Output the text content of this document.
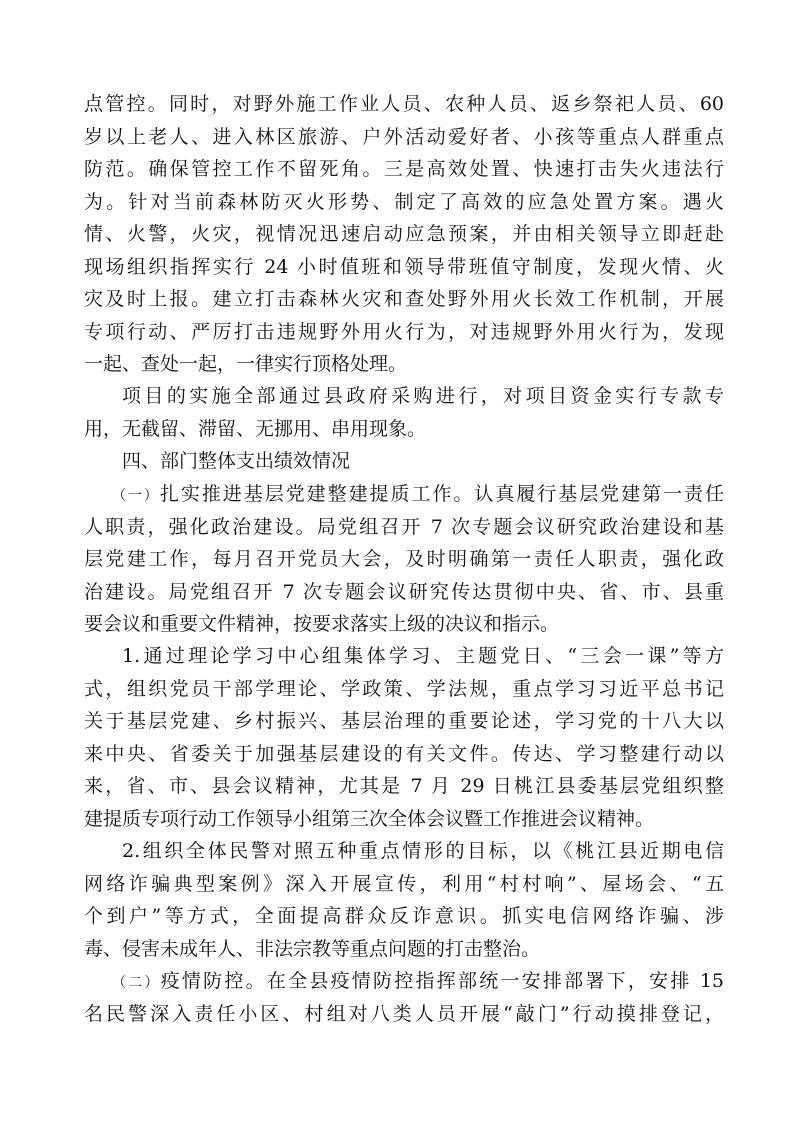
点管控。同时，对野外施工作业人员、农种人员、返乡祭祀人员、60
岁以上老人、进入林区旅游、户外活动爱好者、小孩等重点人群重点
防范。确保管控工作不留死角。三是高效处置、快速打击失火违法行
为。针对当前森林防灭火形势、制定了高效的应急处置方案。遇火
情、火警，火灾，视情况迅速启动应急预案，并由相关领导立即赶赴
现场组织指挥实行 24 小时值班和领导带班值守制度，发现火情、火
灾及时上报。建立打击森林火灾和查处野外用火长效工作机制，开展
专项行动、严厉打击违规野外用火行为，对违规野外用火行为，发现
一起、查处一起，一律实行顶格处理。
项目的实施全部通过县政府采购进行，对项目资金实行专款专
用，无截留、滞留、无挪用、串用现象。
四、部门整体支出绩效情况
（一）扎实推进基层党建整建提质工作。认真履行基层党建第一责任
人职责，强化政治建设。局党组召开 7 次专题会议研究政治建设和基
层党建工作，每月召开党员大会，及时明确第一责任人职责，强化政
治建设。局党组召开 7 次专题会议研究传达贯彻中央、省、市、县重
要会议和重要文件精神，按要求落实上级的决议和指示。
1.通过理论学习中心组集体学习、主题党日、“三会一课”等方
式，组织党员干部学理论、学政策、学法规，重点学习习近平总书记
关于基层党建、乡村振兴、基层治理的重要论述，学习党的十八大以
来中央、省委关于加强基层建设的有关文件。传达、学习整建行动以
来，省、市、县会议精神，尤其是 7 月 29 日桃江县委基层党组织整
建提质专项行动工作领导小组第三次全体会议暨工作推进会议精神。
2.组织全体民警对照五种重点情形的目标，以《桃江县近期电信
网络诈骗典型案例》深入开展宣传，利用“村村响”、屋场会、“五
个到户”等方式，全面提高群众反诈意识。抓实电信网络诈骗、涉
毒、侵害未成年人、非法宗教等重点问题的打击整治。
（二）疫情防控。在全县疫情防控指挥部统一安排部署下，安排 15
名民警深入责任小区、村组对八类人员开展“敲门”行动摸排登记，
